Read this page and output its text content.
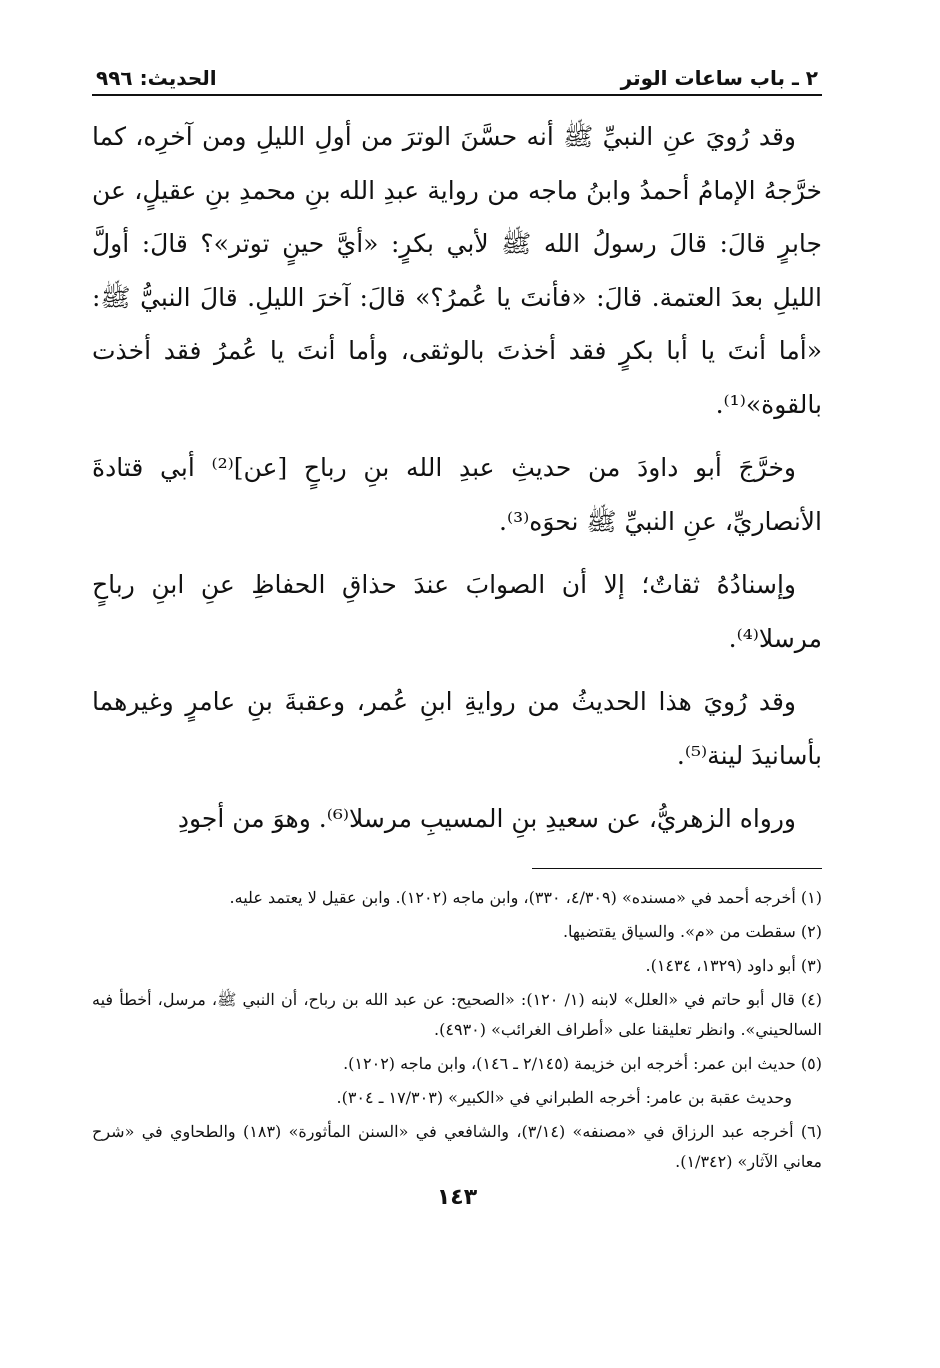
٢ ـ باب ساعات الوتر
الحديث: ٩٩٦

وقد رُويَ عنِ النبيِّ ﷺ أنه حسَّنَ الوترَ من أولِ الليلِ ومن آخرِه، كما خرَّجهُ الإمامُ أحمدُ وابنُ ماجه من رواية عبدِ الله بنِ محمدِ بنِ عقيلٍ، عن جابرٍ قالَ: قالَ رسولُ الله ﷺ لأبي بكرٍ: «أيَّ حينٍ توتر»؟ قالَ: أولَّ الليلِ بعدَ العتمة. قالَ: «فأنتَ يا عُمرُ؟» قالَ: آخرَ الليلِ. قالَ النبيُّ ﷺ: «أما أنتَ يا أبا بكرٍ فقد أخذتَ بالوثقى، وأما أنتَ يا عُمرُ فقد أخذت بالقوة»⁽¹⁾.

وخرَّجَ أبو داودَ من حديثِ عبدِ الله بنِ رباحٍ [عن]⁽²⁾ أبي قتادةَ الأنصاريِّ، عنِ النبيِّ ﷺ نحوَه⁽³⁾.

وإسنادُهُ ثقاتٌ؛ إلا أن الصوابَ عندَ حذاقِ الحفاظِ عنِ ابنِ رباحٍ مرسلا⁽⁴⁾.

وقد رُويَ هذا الحديثُ من روايةِ ابنِ عُمر، وعقبةَ بنِ عامرٍ وغيرهما بأسانيدَ لينة⁽⁵⁾.

ورواه الزهريُّ، عن سعيدِ بنِ المسيبِ مرسلا⁽⁶⁾. وهوَ من أجودِ

(١) أخرجه أحمد في «مسنده» (٤/٣٠٩، ٣٣٠)، وابن ماجه (١٢٠٢). وابن عقيل لا يعتمد عليه.
(٢) سقطت من «م». والسياق يقتضيها.
(٣) أبو داود (١٣٢٩، ١٤٣٤).
(٤) قال أبو حاتم في «العلل» لابنه (١/ ١٢٠): «الصحيح: عن عبد الله بن رباح، أن النبي ﷺ، مرسل، أخطأ فيه السالحيني». وانظر تعليقنا على «أطراف الغرائب» (٤٩٣٠).
(٥) حديث ابن عمر: أخرجه ابن خزيمة (٢/١٤٥ ـ ١٤٦)، وابن ماجه (١٢٠٢).
وحديث عقبة بن عامر: أخرجه الطبراني في «الكبير» (١٧/٣٠٣ ـ ٣٠٤).
(٦) أخرجه عبد الرزاق في «مصنفه» (٣/١٤)، والشافعي في «السنن المأثورة» (١٨٣) والطحاوي في «شرح معاني الآثار» (١/٣٤٢).
١٤٣
